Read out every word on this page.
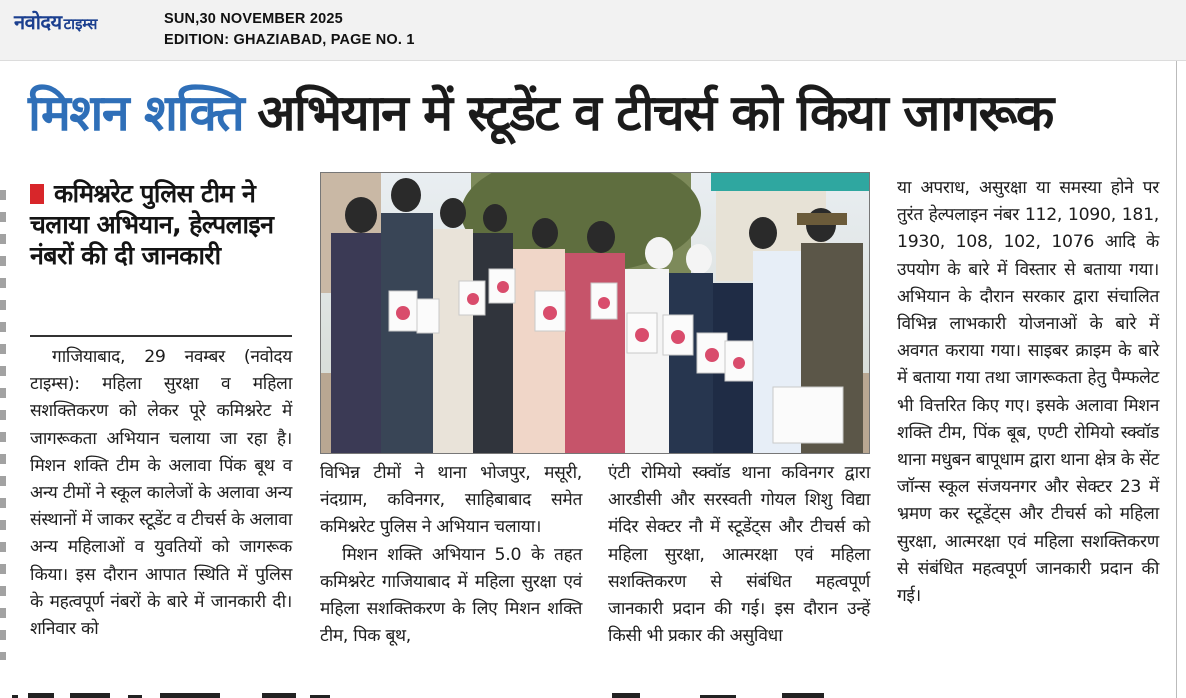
नवोदय टाइम्स	SUN,30 NOVEMBER 2025
EDITION: GHAZIABAD, PAGE NO. 1
मिशन शक्ति अभियान में स्टूडेंट व टीचर्स को किया जागरूक
कमिश्नरेट पुलिस टीम ने चलाया अभियान, हेल्पलाइन नंबरों की दी जानकारी

गाजियाबाद, 29 नवम्बर (नवोदय टाइम्स): महिला सुरक्षा व महिला सशक्तिकरण को लेकर पूरे कमिश्नरेट में जागरूकता अभियान चलाया जा रहा है। मिशन शक्ति टीम के अलावा पिंक बूथ व अन्य टीमों ने स्कूल कालेजों के अलावा अन्य संस्थानों में जाकर स्टूडेंट व टीचर्स के अलावा अन्य महिलाओं व युवतियों को जागरूक किया। इस दौरान आपात स्थिति में पुलिस के महत्वपूर्ण नंबरों के बारे में जानकारी दी। शनिवार को

विभिन्न टीमों ने थाना भोजपुर, मसूरी, नंदग्राम, कविनगर, साहिबाबाद समेत कमिश्नरेट पुलिस ने अभियान चलाया।

मिशन शक्ति अभियान 5.0 के तहत कमिश्नरेट गाजियाबाद में महिला सुरक्षा एवं महिला सशक्तिकरण के लिए मिशन शक्ति टीम, पिक बूथ,

एंटी रोमियो स्क्वॉड थाना कविनगर द्वारा आरडीसी और सरस्वती गोयल शिशु विद्या मंदिर सेक्टर नौ में स्टूडेंट्स और टीचर्स को महिला सुरक्षा, आत्मरक्षा एवं महिला सशक्तिकरण से संबंधित महत्वपूर्ण जानकारी प्रदान की गई। इस दौरान उन्हें किसी भी प्रकार की असुविधा

या अपराध, असुरक्षा या समस्या होने पर तुरंत हेल्पलाइन नंबर 112, 1090, 181, 1930, 108, 102, 1076 आदि के उपयोग के बारे में विस्तार से बताया गया। अभियान के दौरान सरकार द्वारा संचालित विभिन्न लाभकारी योजनाओं के बारे में अवगत कराया गया। साइबर क्राइम के बारे में बताया गया तथा जागरूकता हेतु पैम्फलेट भी वित्तरित किए गए। इसके अलावा मिशन शक्ति टीम, पिंक बूब, एण्टी रोमियो स्क्वॉड थाना मधुबन बापूधाम द्वारा थाना क्षेत्र के सेंट जॉन्स स्कूल संजयनगर और सेक्टर 23 में भ्रमण कर स्टूडेंट्स और टीचर्स को महिला सुरक्षा, आत्मरक्षा एवं महिला सशक्तिकरण से संबंधित महत्वपूर्ण जानकारी प्रदान की गई।
